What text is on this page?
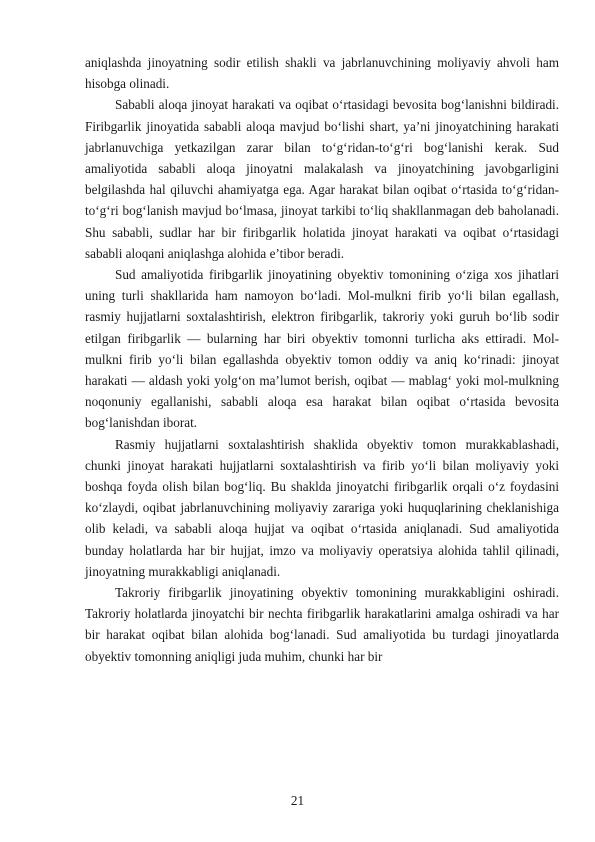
aniqlashda jinoyatning sodir etilish shakli va jabrlanuvchining moliyaviy ahvoli ham hisobga olinadi.

Sababli aloqa jinoyat harakati va oqibat o‘rtasidagi bevosita bog‘lanishni bildiradi. Firibgarlik jinoyatida sababli aloqa mavjud bo‘lishi shart, ya’ni jinoyatchining harakati jabrlanuvchiga yetkazilgan zarar bilan to‘g‘ridan-to‘g‘ri bog‘lanishi kerak. Sud amaliyotida sababli aloqa jinoyatni malakalash va jinoyatchining javobgarligini belgilashda hal qiluvchi ahamiyatga ega. Agar harakat bilan oqibat o‘rtasida to‘g‘ridan-to‘g‘ri bog‘lanish mavjud bo‘lmasa, jinoyat tarkibi to‘liq shakllanmagan deb baholanadi. Shu sababli, sudlar har bir firibgarlik holatida jinoyat harakati va oqibat o‘rtasidagi sababli aloqani aniqlashga alohida e’tibor beradi.

Sud amaliyotida firibgarlik jinoyatining obyektiv tomonining o‘ziga xos jihatlari uning turli shakllarida ham namoyon bo‘ladi. Mol-mulkni firib yo‘li bilan egallash, rasmiy hujjatlarni soxtalashtirish, elektron firibgarlik, takroriy yoki guruh bo‘lib sodir etilgan firibgarlik — bularning har biri obyektiv tomonni turlicha aks ettiradi. Mol-mulkni firib yo‘li bilan egallashda obyektiv tomon oddiy va aniq ko‘rinadi: jinoyat harakati — aldash yoki yolg‘on ma’lumot berish, oqibat — mablag‘ yoki mol-mulkning noqonuniy egallanishi, sababli aloqa esa harakat bilan oqibat o‘rtasida bevosita bog‘lanishdan iborat.

Rasmiy hujjatlarni soxtalashtirish shaklida obyektiv tomon murakkablashadi, chunki jinoyat harakati hujjatlarni soxtalashtirish va firib yo‘li bilan moliyaviy yoki boshqa foyda olish bilan bog‘liq. Bu shaklda jinoyatchi firibgarlik orqali o‘z foydasini ko‘zlaydi, oqibat jabrlanuvchining moliyaviy zarariga yoki huquqlarining cheklanishiga olib keladi, va sababli aloqa hujjat va oqibat o‘rtasida aniqlanadi. Sud amaliyotida bunday holatlarda har bir hujjat, imzo va moliyaviy operatsiya alohida tahlil qilinadi, jinoyatning murakkabligi aniqlanadi.

Takroriy firibgarlik jinoyatining obyektiv tomonining murakkabligini oshiradi. Takroriy holatlarda jinoyatchi bir nechta firibgarlik harakatlarini amalga oshiradi va har bir harakat oqibat bilan alohida bog‘lanadi. Sud amaliyotida bu turdagi jinoyatlarda obyektiv tomonning aniqligi juda muhim, chunki har bir

21
